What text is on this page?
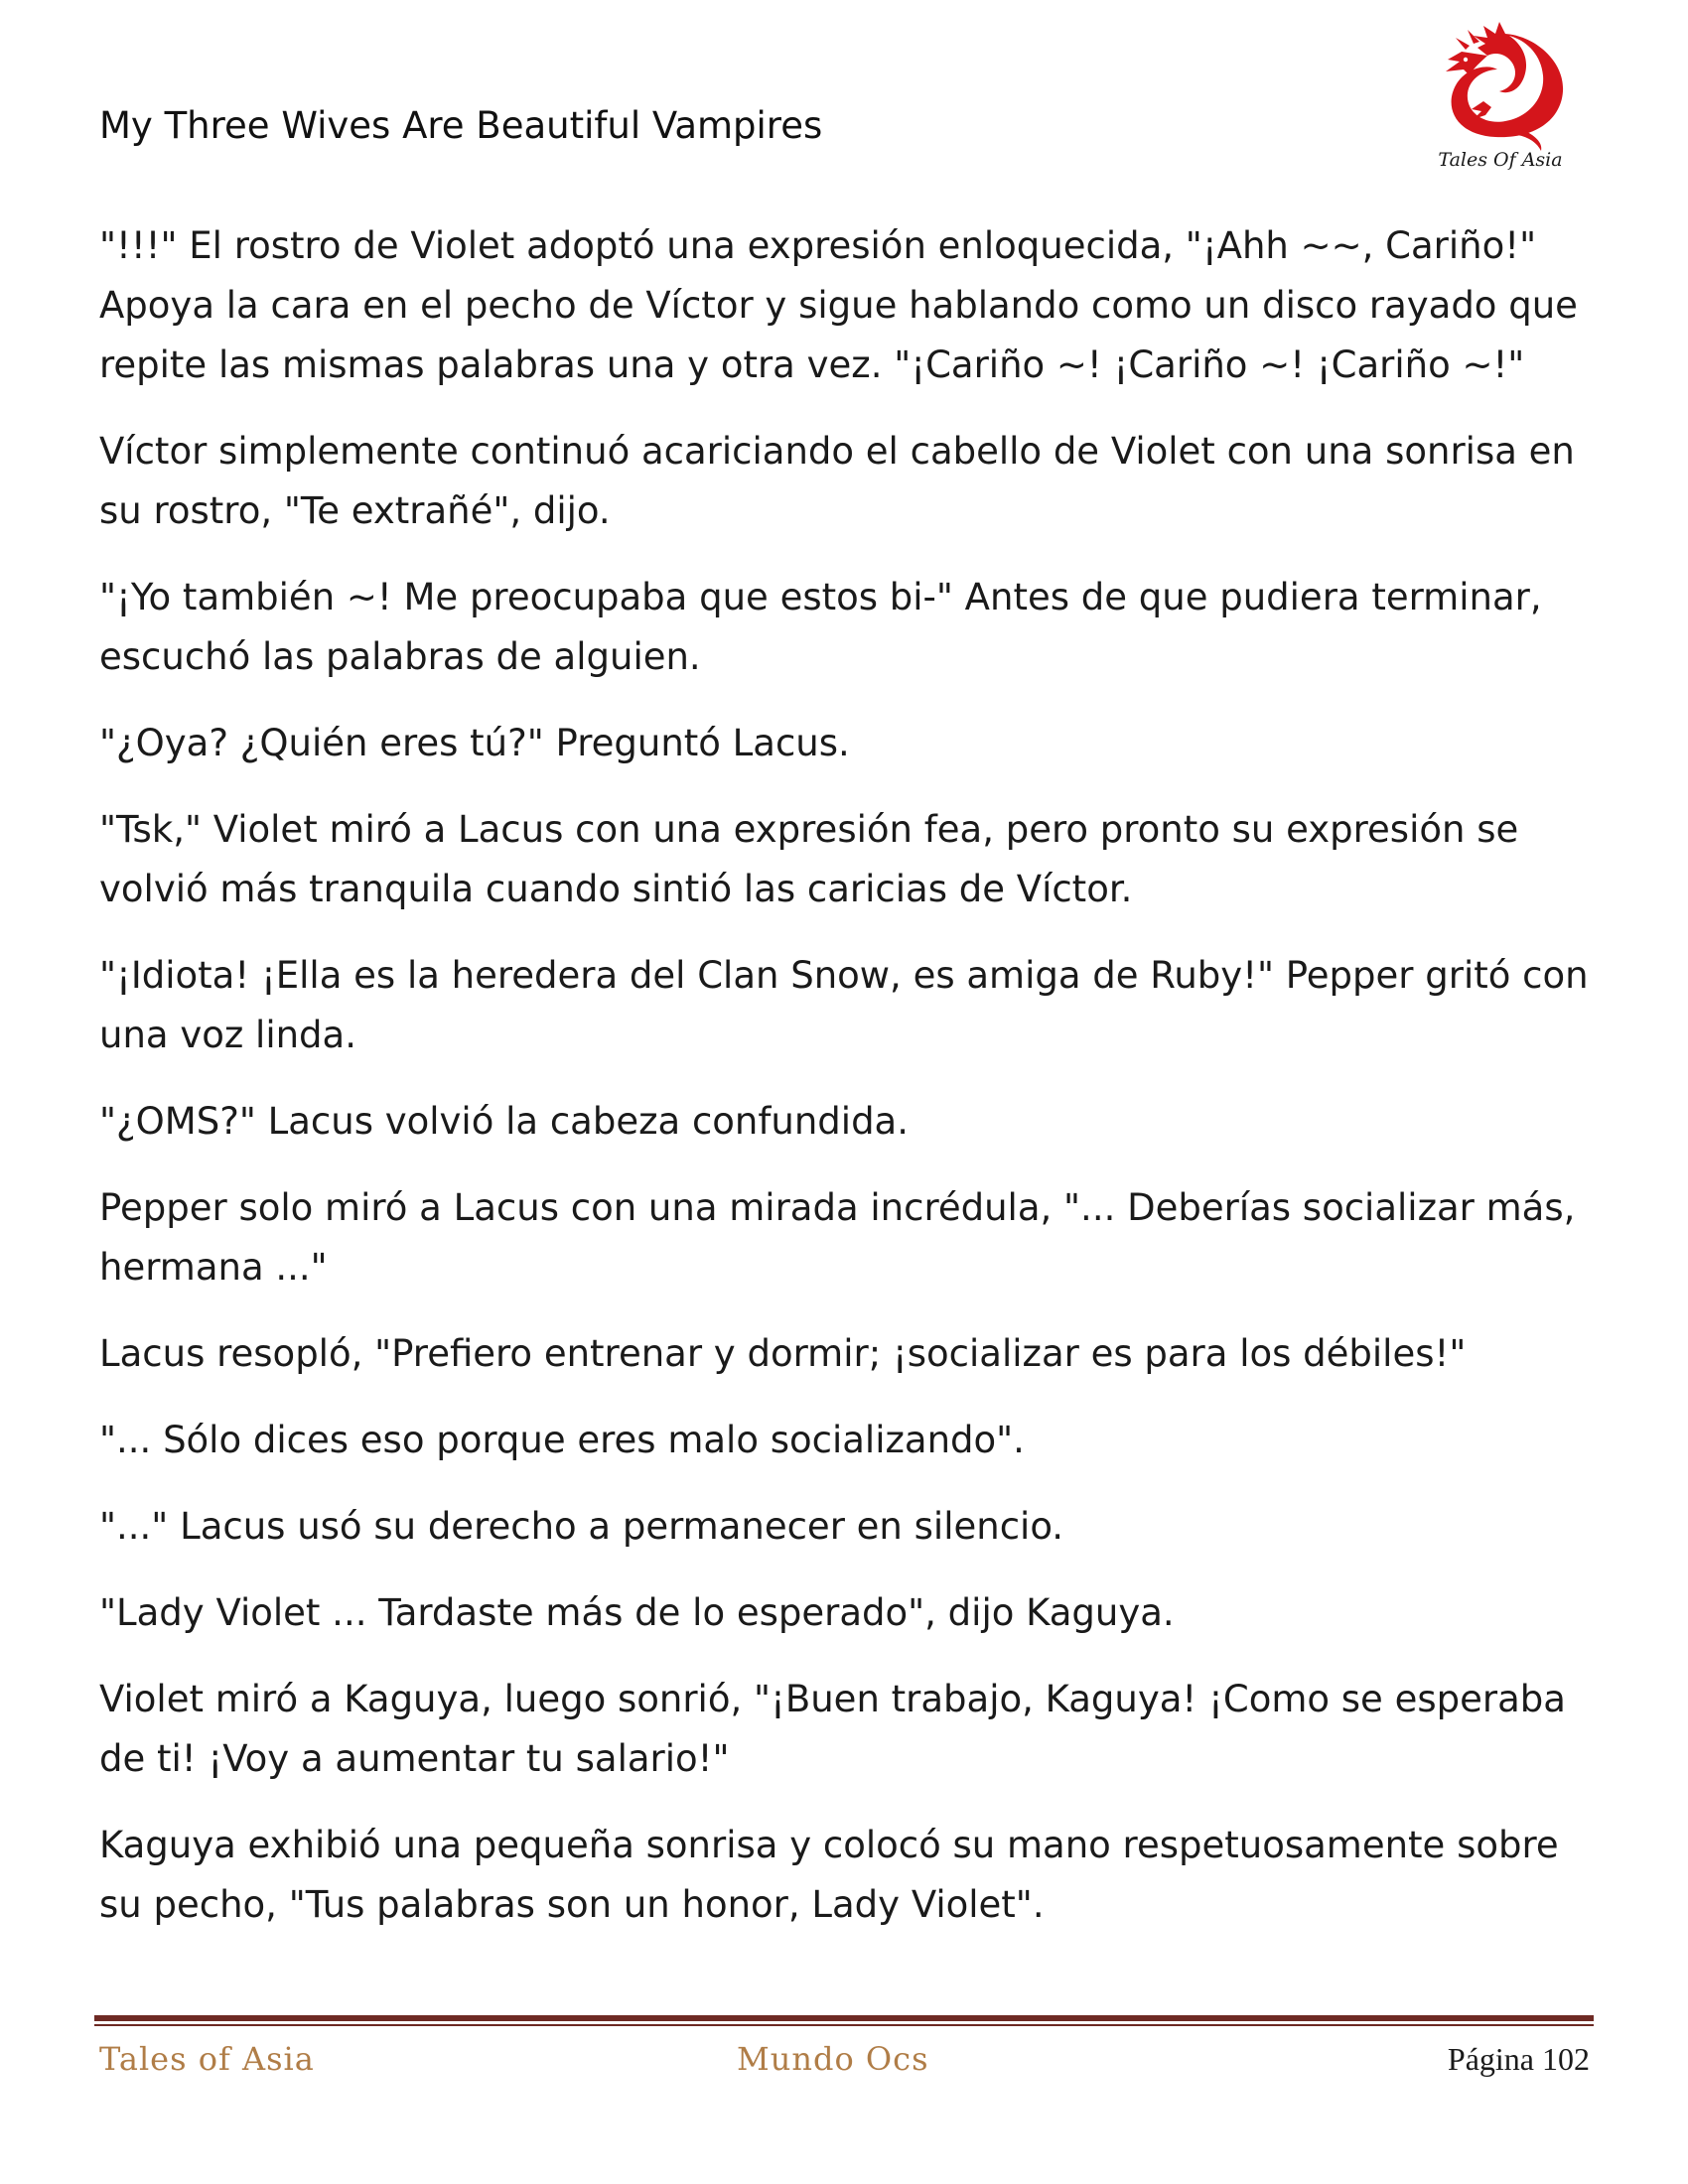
My Three Wives Are Beautiful Vampires
Tales Of Asia

"!!!" El rostro de Violet adoptó una expresión enloquecida, "¡Ahh ~~, Cariño!" Apoya la cara en el pecho de Víctor y sigue hablando como un disco rayado que repite las mismas palabras una y otra vez. "¡Cariño ~! ¡Cariño ~! ¡Cariño ~!"

Víctor simplemente continuó acariciando el cabello de Violet con una sonrisa en su rostro, "Te extrañé", dijo.

"¡Yo también ~! Me preocupaba que estos bi-" Antes de que pudiera terminar, escuchó las palabras de alguien.

"¿Oya? ¿Quién eres tú?" Preguntó Lacus.

"Tsk," Violet miró a Lacus con una expresión fea, pero pronto su expresión se volvió más tranquila cuando sintió las caricias de Víctor.

"¡Idiota! ¡Ella es la heredera del Clan Snow, es amiga de Ruby!" Pepper gritó con una voz linda.

"¿OMS?" Lacus volvió la cabeza confundida.

Pepper solo miró a Lacus con una mirada incrédula, "... Deberías socializar más, hermana ..."

Lacus resopló, "Prefiero entrenar y dormir; ¡socializar es para los débiles!"

"... Sólo dices eso porque eres malo socializando".

"..." Lacus usó su derecho a permanecer en silencio.

"Lady Violet ... Tardaste más de lo esperado", dijo Kaguya.

Violet miró a Kaguya, luego sonrió, "¡Buen trabajo, Kaguya! ¡Como se esperaba de ti! ¡Voy a aumentar tu salario!"

Kaguya exhibió una pequeña sonrisa y colocó su mano respetuosamente sobre su pecho, "Tus palabras son un honor, Lady Violet".

Tales of Asia	Mundo Ocs	Página 102
